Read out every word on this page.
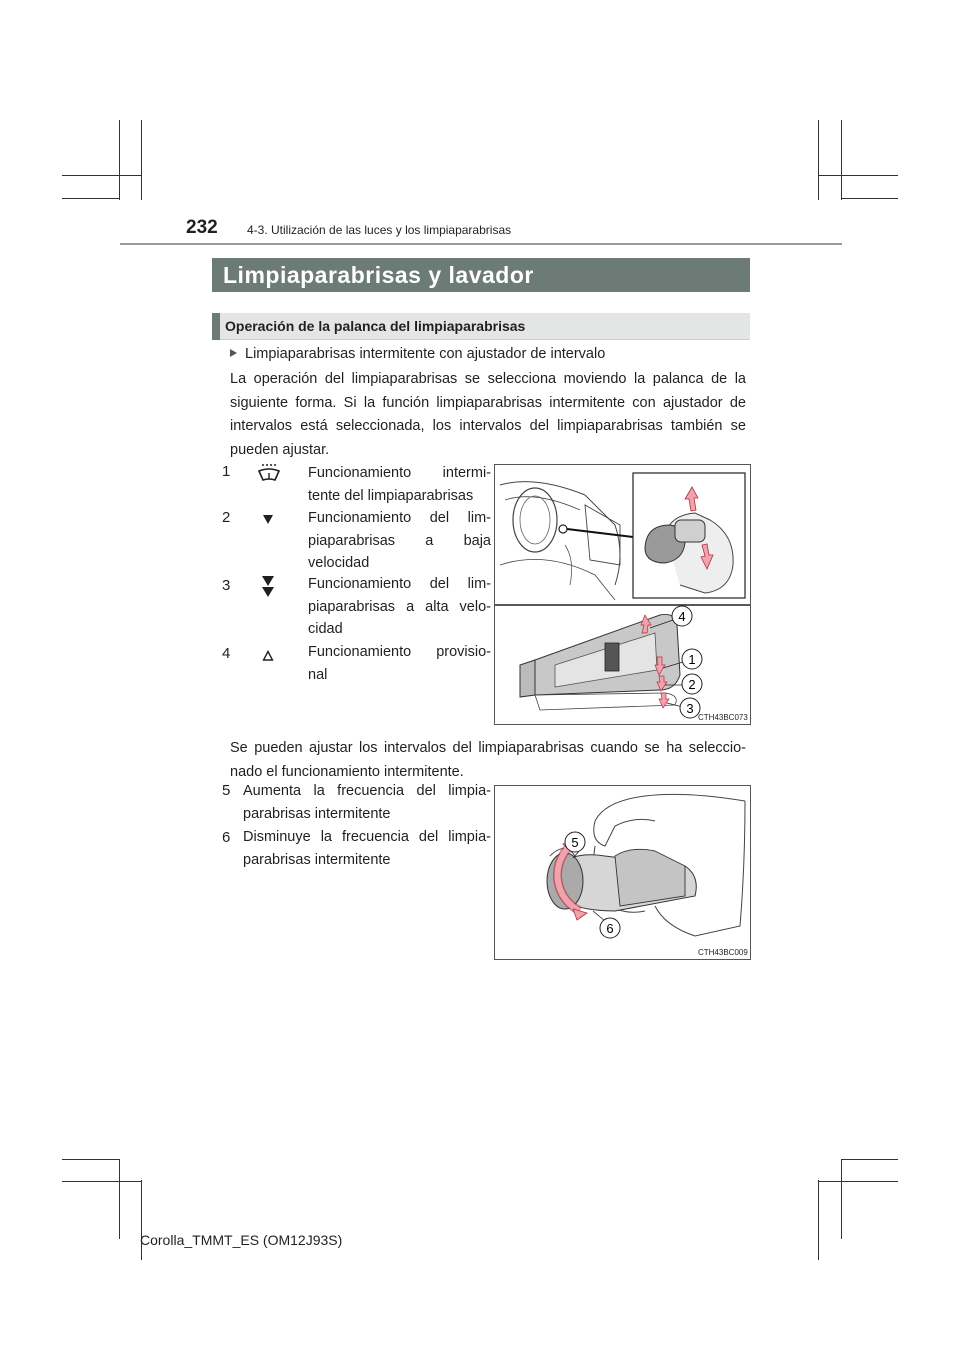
232 4-3. Utilización de las luces y los limpiaparabrisas
Limpiaparabrisas y lavador
Operación de la palanca del limpiaparabrisas
Limpiaparabrisas intermitente con ajustador de intervalo
La operación del limpiaparabrisas se selecciona moviendo la palanca de la siguiente forma. Si la función limpiaparabrisas intermitente con ajustador de intervalos está seleccionada, los intervalos del limpiaparabrisas también se pueden ajustar.
1	Funcionamiento intermi-
tente del limpiaparabrisas
2	Funcionamiento del lim-
piaparabrisas a baja
velocidad
3	Funcionamiento del lim-
piaparabrisas a alta velo-
cidad
4	Funcionamiento provisio-
nal
4
1
2
3
CTH43BC073
Se pueden ajustar los intervalos del limpiaparabrisas cuando se ha seleccio-
nado el funcionamiento intermitente.
5 Aumenta la frecuencia del limpia-
parabrisas intermitente
6 Disminuye la frecuencia del limpia-
parabrisas intermitente
5
6
CTH43BC009
Corolla_TMMT_ES (OM12J93S)
